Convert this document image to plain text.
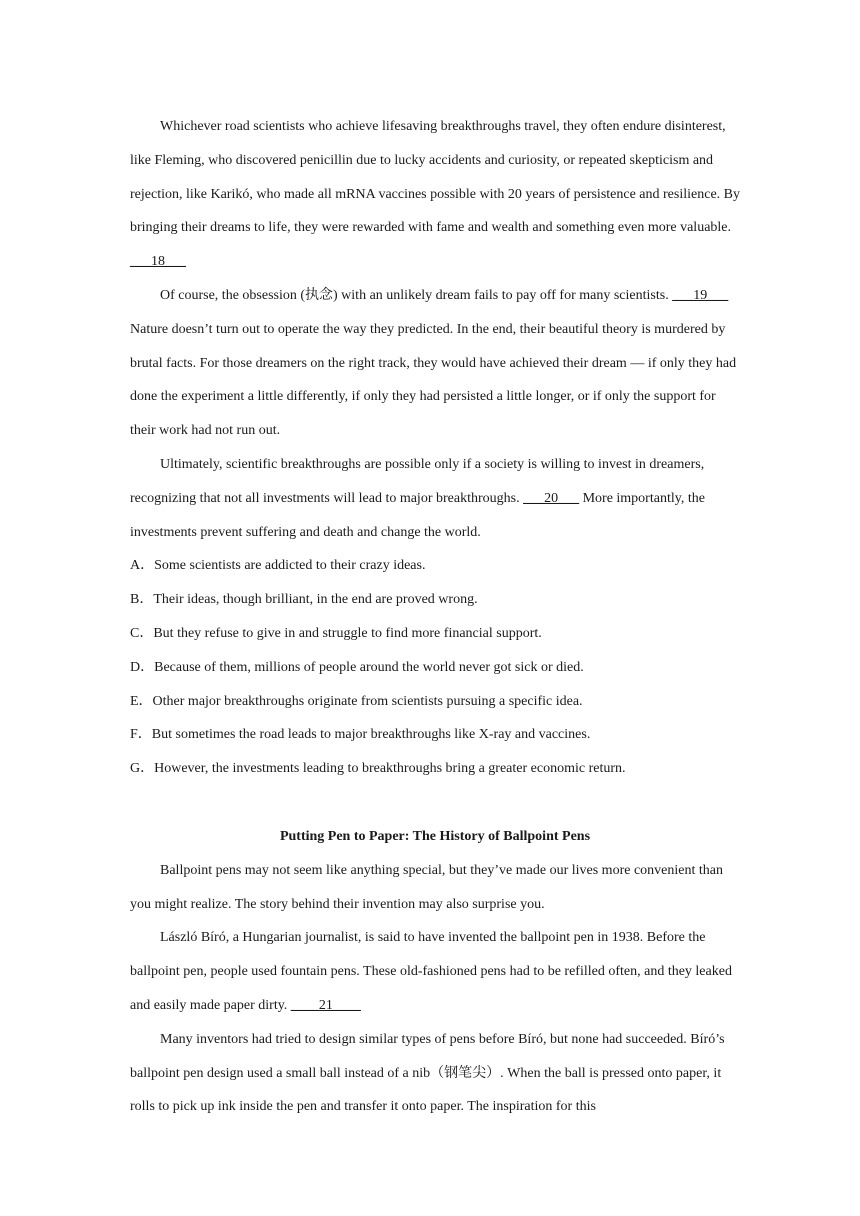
Whichever road scientists who achieve lifesaving breakthroughs travel, they often endure disinterest, like Fleming, who discovered penicillin due to lucky accidents and curiosity, or repeated skepticism and rejection, like Karikó, who made all mRNA vaccines possible with 20 years of persistence and resilience. By bringing their dreams to life, they were rewarded with fame and wealth and something even more valuable. ___18___

Of course, the obsession (执念) with an unlikely dream fails to pay off for many scientists. ___19___ Nature doesn’t turn out to operate the way they predicted. In the end, their beautiful theory is murdered by brutal facts. For those dreamers on the right track, they would have achieved their dream — if only they had done the experiment a little differently, if only they had persisted a little longer, or if only the support for their work had not run out.

Ultimately, scientific breakthroughs are possible only if a society is willing to invest in dreamers, recognizing that not all investments will lead to major breakthroughs. ___20___ More importantly, the investments prevent suffering and death and change the world.

A．Some scientists are addicted to their crazy ideas.

B．Their ideas, though brilliant, in the end are proved wrong.

C．But they refuse to give in and struggle to find more financial support.

D．Because of them, millions of people around the world never got sick or died.

E．Other major breakthroughs originate from scientists pursuing a specific idea.

F．But sometimes the road leads to major breakthroughs like X-ray and vaccines.

G．However, the investments leading to breakthroughs bring a greater economic return.

Putting Pen to Paper: The History of Ballpoint Pens

Ballpoint pens may not seem like anything special, but they’ve made our lives more convenient than you might realize. The story behind their invention may also surprise you.

László Bíró, a Hungarian journalist, is said to have invented the ballpoint pen in 1938. Before the ballpoint pen, people used fountain pens. These old-fashioned pens had to be refilled often, and they leaked and easily made paper dirty. ____21____

Many inventors had tried to design similar types of pens before Bíró, but none had succeeded. Bíró’s ballpoint pen design used a small ball instead of a nib（钢笔尖）. When the ball is pressed onto paper, it rolls to pick up ink inside the pen and transfer it onto paper. The inspiration for this
